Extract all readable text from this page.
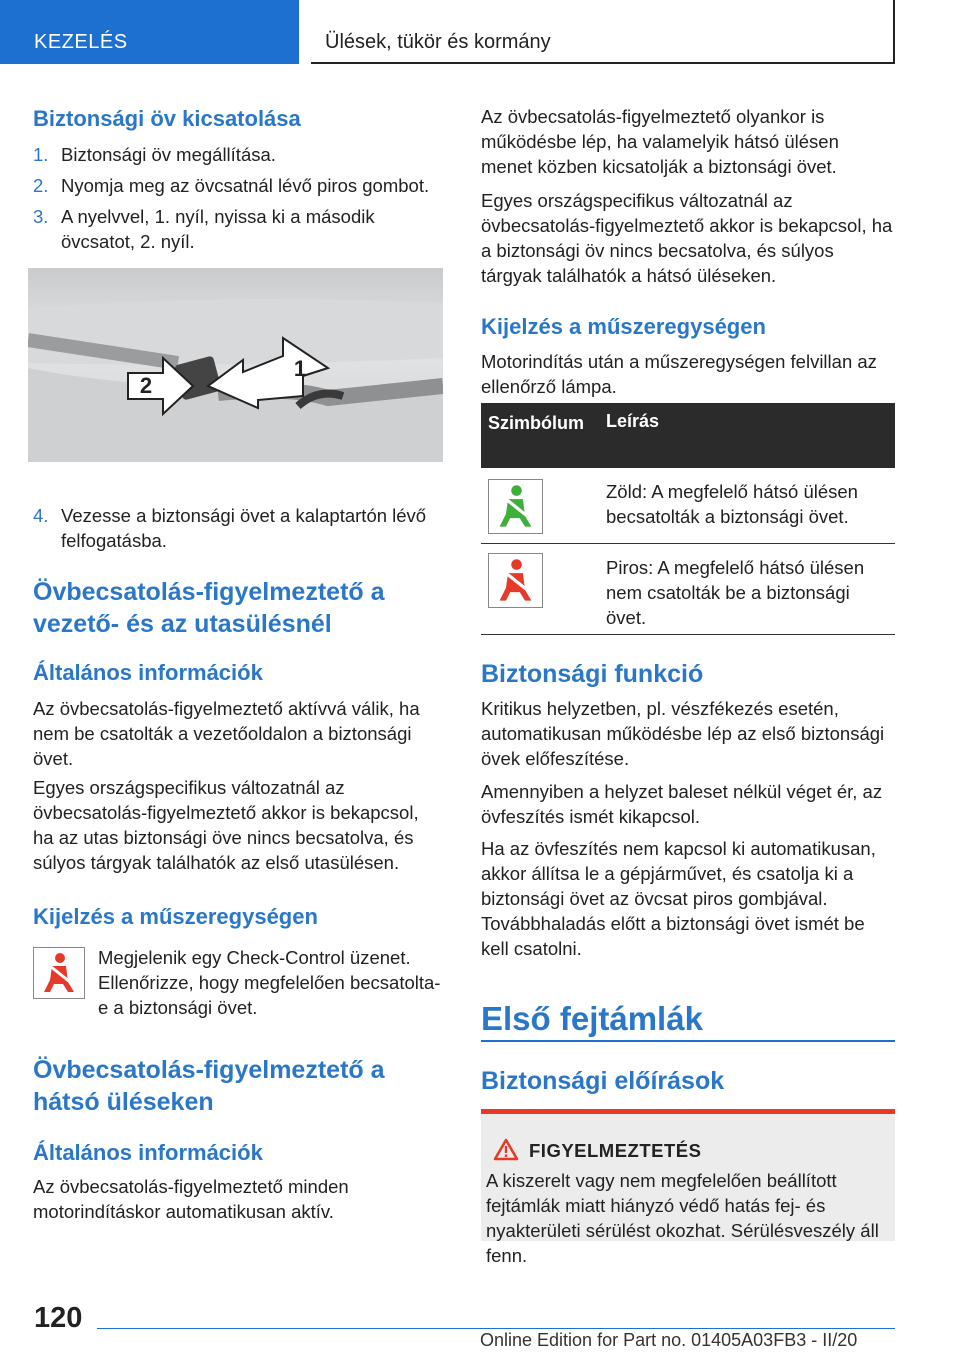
KEZELÉS	Ülések, tükör és kormány
Biztonsági öv kicsatolása
1. Biztonsági öv megállítása.
2. Nyomja meg az övcsatnál lévő piros gombot.
3. A nyelvvel, 1. nyíl, nyissa ki a második övcsatot, 2. nyíl.
2
1
4. Vezesse a biztonsági övet a kalaptartón lévő felfogatásba.
Övbecsatolás-figyelmeztető a vezető- és az utasülésnél
Általános információk

Az övbecsatolás-figyelmeztető aktívvá válik, ha nem be csatolták a vezetőoldalon a biztonsági övet.

Egyes országspecifikus változatnál az övbecsatolás-figyelmeztető akkor is bekapcsol, ha az utas biztonsági öve nincs becsatolva, és súlyos tárgyak találhatók az első utasülésen.

Kijelzés a műszeregységen

Megjelenik egy Check-Control üzenet. Ellenőrizze, hogy megfelelően becsatolta-e a biztonsági övet.

Övbecsatolás-figyelmeztető a hátsó üléseken
Általános információk

Az övbecsatolás-figyelmeztető minden motorindításkor automatikusan aktív.

Az övbecsatolás-figyelmeztető olyankor is működésbe lép, ha valamelyik hátsó ülésen menet közben kicsatolják a biztonsági övet.

Egyes országspecifikus változatnál az övbecsatolás-figyelmeztető akkor is bekapcsol, ha a biztonsági öv nincs becsatolva, és súlyos tárgyak találhatók a hátsó üléseken.

Kijelzés a műszeregységen

Motorindítás után a műszeregységen felvillan az ellenőrző lámpa.

Szimbólum Leírás
Zöld: A megfelelő hátsó ülésen becsatolták a biztonsági övet.
Piros: A megfelelő hátsó ülésen nem csatolták be a biztonsági övet.
Biztonsági funkció

Kritikus helyzetben, pl. vészfékezés esetén, automatikusan működésbe lép az első biztonsági övek előfeszítése.

Amennyiben a helyzet baleset nélkül véget ér, az övfeszítés ismét kikapcsol.

Ha az övfeszítés nem kapcsol ki automatikusan, akkor állítsa le a gépjárművet, és csatolja ki a biztonsági övet az övcsat piros gombjával. Továbbhaladás előtt a biztonsági övet ismét be kell csatolni.

Első fejtámlák
Biztonsági előírások
FIGYELMEZTETÉS
A kiszerelt vagy nem megfelelően beállított fejtámlák miatt hiányzó védő hatás fej- és nyakterületi sérülést okozhat. Sérülésveszély áll fenn.
120
Online Edition for Part no. 01405A03FB3 - II/20
